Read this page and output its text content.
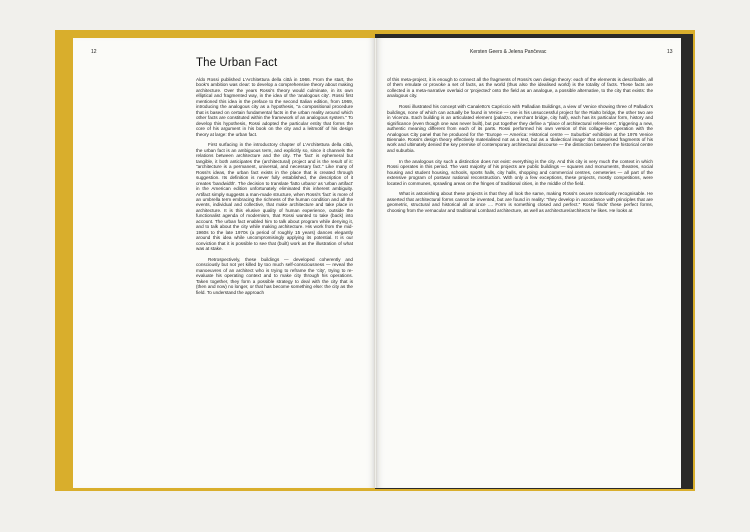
12	13
Kersten Geers & Jelena Pančevac
The Urban Fact

Aldo Rossi published L'Architettura della città in 1966. From the start, the book's ambition was clear: to develop a comprehensive theory about making architecture. Over the years Rossi's theory would culminate, in its own elliptical and fragmented way, in the idea of the 'analogous city'. Rossi first mentioned this idea in the preface to the second Italian edition, from 1969, introducing the analogous city as a hypothesis, "a compositional procedure that is based on certain fundamental facts in the urban reality around which other facts are constituted within the framework of an analogous system." To develop this hypothesis, Rossi adopted the particular entity that forms the core of his argument in his book on the city and a leitmotif of his design theory at large: the urban fact.

First surfacing in the introductory chapter of L'Architettura della città, the urban fact is an ambiguous term, and explicitly so, since it channels the relations between architecture and the city. The 'fact' is ephemeral but tangible, it both anticipates the (architectural) project and is the result of it: "architecture is a permanent, universal, and necessary fact." Like many of Rossi's ideas, the urban fact exists in the place that is created through suggestion. Its definition is never fully established, the description of it creates 'bandwidth'. The decision to translate 'fatto urbano' as 'urban artifact' in the American edition unfortunately eliminated this inherent ambiguity. Artifact simply suggests a man-made structure, when Rossi's 'fact' is more of an umbrella term embracing the richness of the human condition and all the events, individual and collective, that make architecture and take place in architecture. It is this elusive quality of human experience, outside the functionalist agenda of modernism, that Rossi wanted to take (back) into account. The urban fact enabled him to talk about program while denying it, and to talk about the city while making architecture. His work from the mid-1960s to the late 1970s (a period of roughly 15 years) dances elegantly around this idea while uncompromisingly applying its potential. It is our conviction that it is possible to see that (built) work as the illustration of what was at stake.

Retrospectively, these buildings — developed coherently and consciously but not yet killed by too much self-consciousness — reveal the manoeuvres of an architect who is trying to reframe the 'city', trying to re-evaluate his operating context and to make city through his operations. Taken together, they form a possible strategy to deal with the city that is (then and now) no longer, or that has become something else: the city as the field. To understand the approach

of this meta-project, it is enough to connect all the fragments of Rossi's own design theory: each of the elements is describable, all of them emulate or provoke a set of facts, as the world (thus also the idealised world) is the totality of facts. These facts are collected in a meta-narrative overlaid or 'projected' onto the field as an analogue, a possible alternative, to the city that exists: the analogous city.

Rossi illustrated his concept with Canaletto's Capriccio with Palladian Buildings, a view of Venice showing three of Palladio's buildings, none of which can actually be found in Venice — one is his unsuccessful project for the Rialto bridge, the other two are in Vicenza. Each building is an articulated element (palazzo, merchant bridge, city hall), each has its particular form, history and significance (even though one was never built), but put together they define a "place of architectural references", triggering a new, authentic meaning different from each of its parts. Rossi performed his own version of this collage-like operation with the Analogous City panel that he produced for the "Europe — America: Historical centre — Suburbia" exhibition at the 1976 Venice Biennale. Rossi's design theory effectively materialised not as a text, but as a 'dialectical image' that comprised fragments of his work and ultimately denied the key premise of contemporary architectural discourse — the distinction between the historical centre and suburbia.

In the analogous city such a distinction does not exist: everything is the city. And this city is very much the context in which Rossi operates in this period. The vast majority of his projects are public buildings — squares and monuments, theatres, social housing and student housing, schools, sports halls, city halls, shopping and commercial centres, cemeteries — all part of the extensive program of postwar national reconstruction. With only a few exceptions, these projects, mostly competitions, were located in communes, sprawling areas on the fringes of traditional cities, in the middle of the field.

What is astonishing about these projects is that they all look the same, making Rossi's oeuvre notoriously recognisable. He asserted that architectural forms cannot be invented, but are found in reality: "they develop in accordance with principles that are geometric, structural and historical all at once .... Form is something closed and perfect." Rossi 'finds' these perfect forms, choosing from the vernacular and traditional Lombard architecture, as well as architecture/architects he likes. He looks at
